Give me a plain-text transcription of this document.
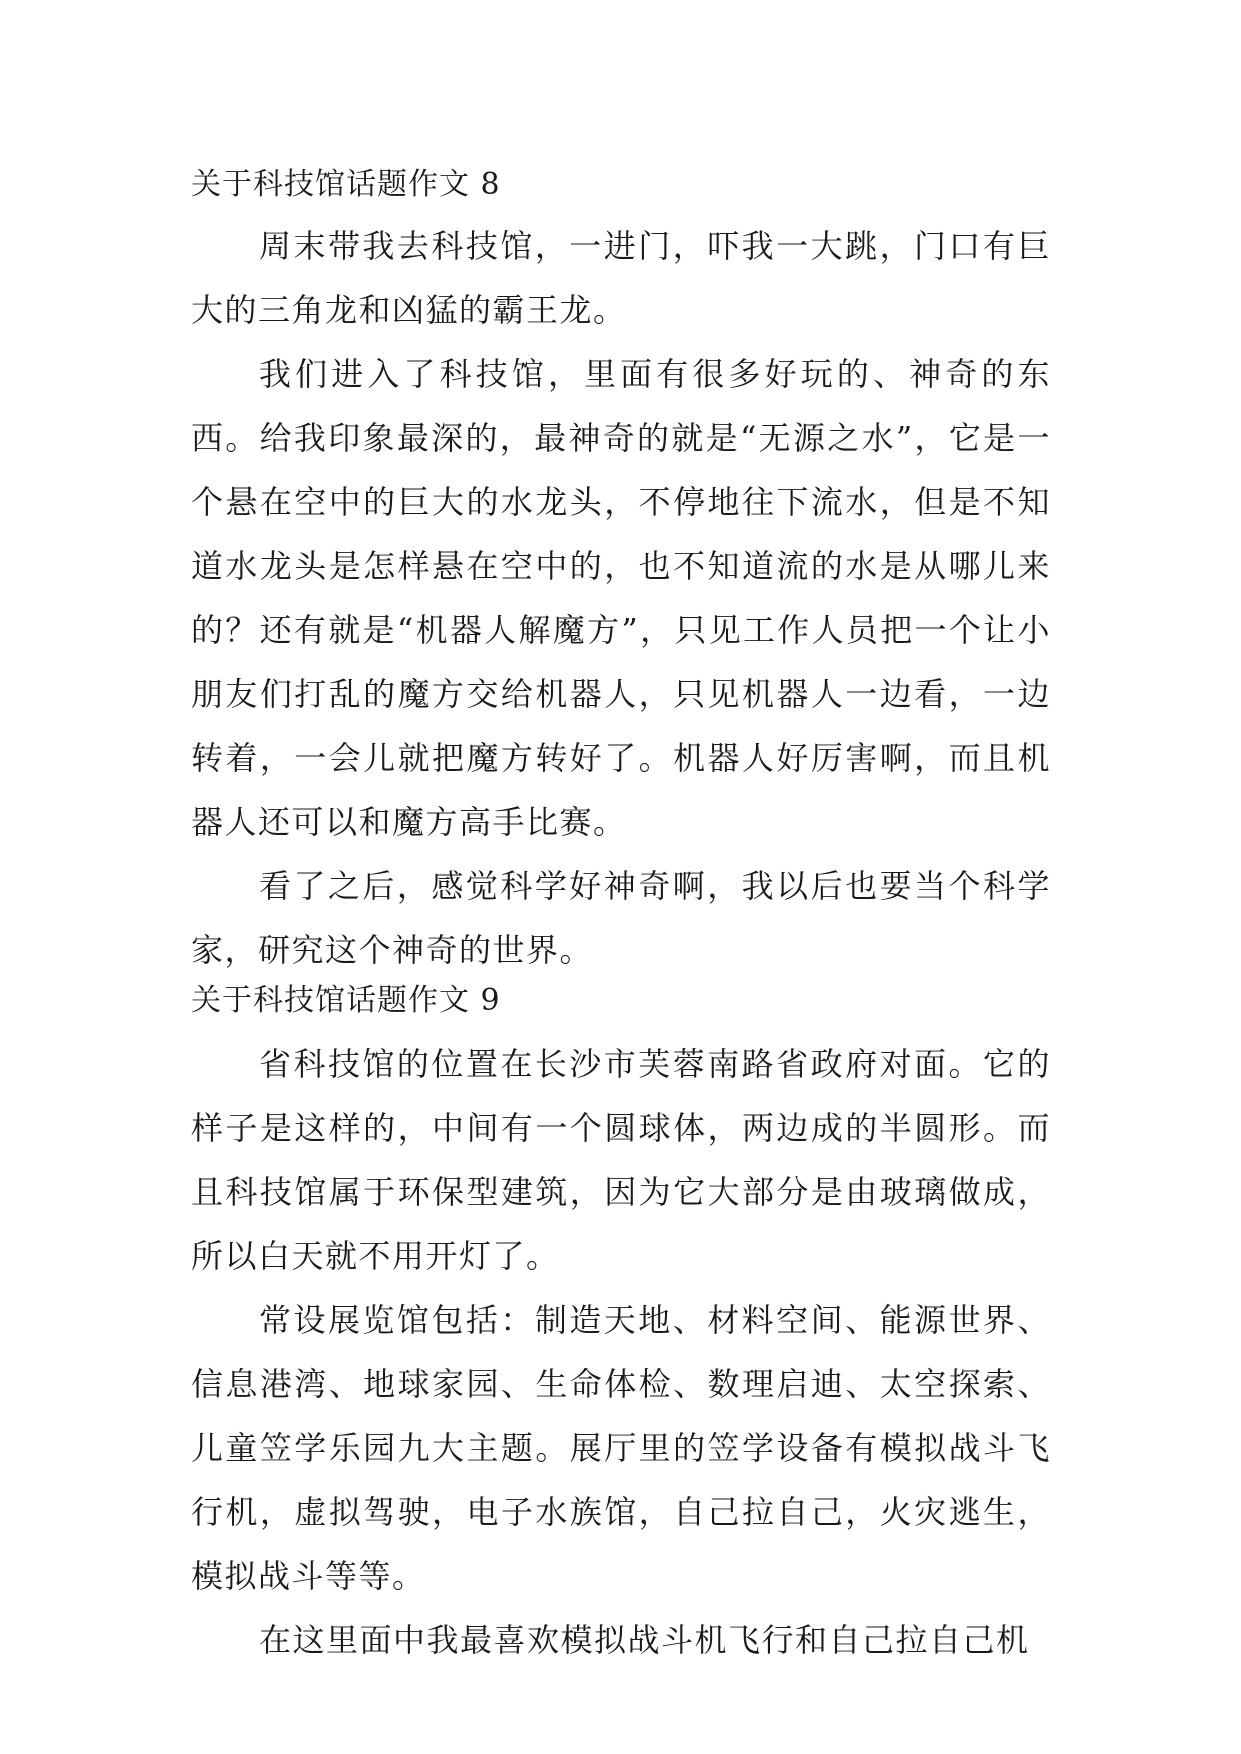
关于科技馆话题作文 8

周末带我去科技馆，一进门，吓我一大跳，门口有巨大的三角龙和凶猛的霸王龙。

我们进入了科技馆，里面有很多好玩的、神奇的东西。给我印象最深的，最神奇的就是“无源之水”，它是一个悬在空中的巨大的水龙头，不停地往下流水，但是不知道水龙头是怎样悬在空中的，也不知道流的水是从哪儿来的？还有就是“机器人解魔方”，只见工作人员把一个让小朋友们打乱的魔方交给机器人，只见机器人一边看，一边转着，一会儿就把魔方转好了。机器人好厉害啊，而且机器人还可以和魔方高手比赛。

看了之后，感觉科学好神奇啊，我以后也要当个科学家，研究这个神奇的世界。

关于科技馆话题作文 9

省科技馆的位置在长沙市芙蓉南路省政府对面。它的样子是这样的，中间有一个圆球体，两边成的半圆形。而且科技馆属于环保型建筑，因为它大部分是由玻璃做成，所以白天就不用开灯了。

常设展览馆包括：制造天地、材料空间、能源世界、信息港湾、地球家园、生命体检、数理启迪、太空探索、儿童笠学乐园九大主题。展厅里的笠学设备有模拟战斗飞行机，虚拟驾驶，电子水族馆，自己拉自己，火灾逃生，模拟战斗等等。

在这里面中我最喜欢模拟战斗机飞行和自己拉自己机
